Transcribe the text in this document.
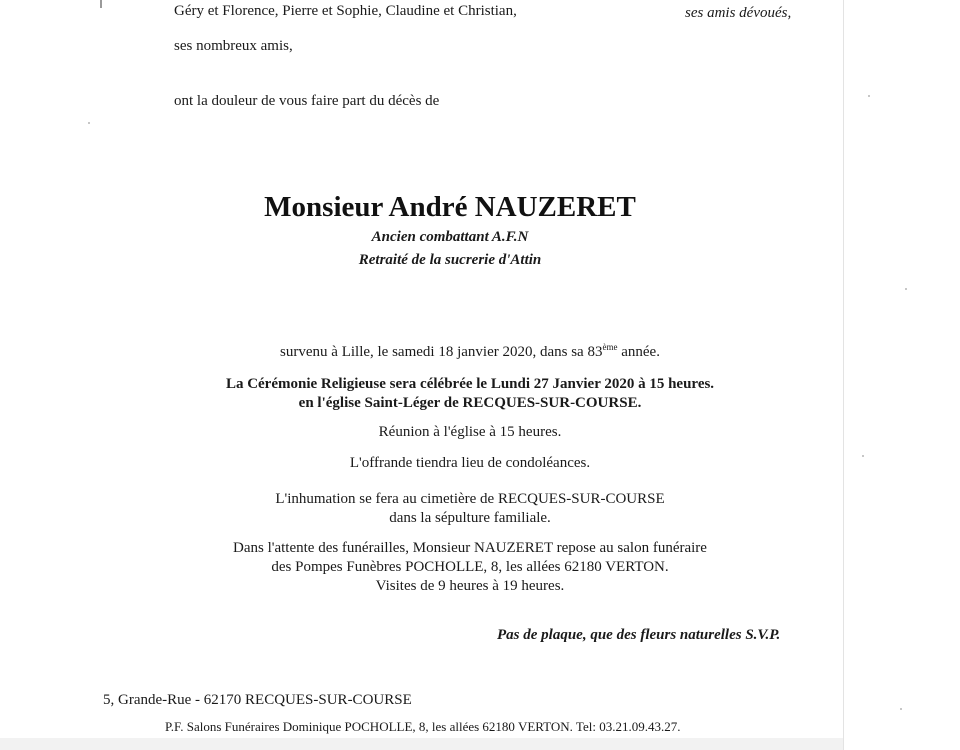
Géry et Florence, Pierre et Sophie, Claudine et Christian,	ses amis dévoués,

ses nombreux amis,

ont la douleur de vous faire part du décès de

Monsieur André NAUZERET

Ancien combattant A.F.N

Retraité de la sucrerie d'Attin

survenu à Lille, le samedi 18 janvier 2020, dans sa 83ème année.

La Cérémonie Religieuse sera célébrée le Lundi 27 Janvier 2020 à 15 heures.

en l'église Saint-Léger de RECQUES-SUR-COURSE.

Réunion à l'église à 15 heures.

L'offrande tiendra lieu de condoléances.

L'inhumation se fera au cimetière de RECQUES-SUR-COURSE

dans la sépulture familiale.

Dans l'attente des funérailles, Monsieur NAUZERET repose au salon funéraire

des Pompes Funèbres POCHOLLE, 8, les allées 62180 VERTON.

Visites de 9 heures à 19 heures.

Pas de plaque, que des fleurs naturelles S.V.P.

5, Grande-Rue - 62170 RECQUES-SUR-COURSE

P.F. Salons Funéraires Dominique POCHOLLE, 8, les allées 62180 VERTON. Tel: 03.21.09.43.27.
